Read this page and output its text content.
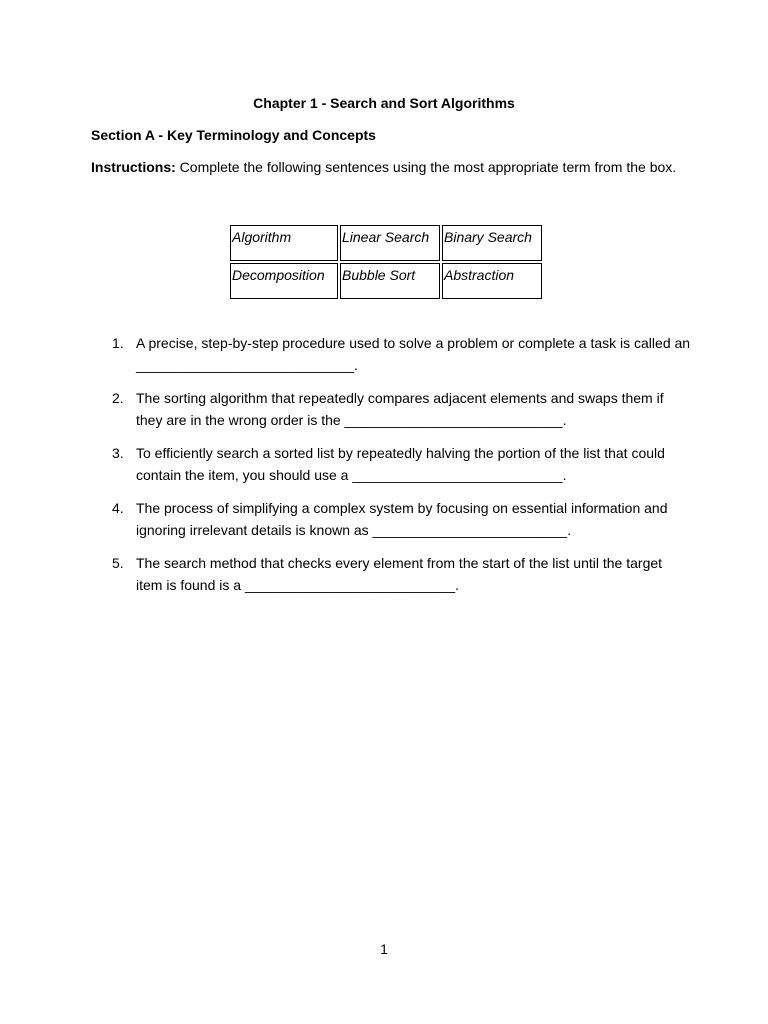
Chapter 1 - Search and Sort Algorithms
Section A - Key Terminology and Concepts
Instructions: Complete the following sentences using the most appropriate term from the box.
Algorithm	Linear Search	Binary Search
Decomposition	Bubble Sort	Abstraction
1. A precise, step-by-step procedure used to solve a problem or complete a task is called an
____________________________.
2. The sorting algorithm that repeatedly compares adjacent elements and swaps them if
they are in the wrong order is the ____________________________.
3. To efficiently search a sorted list by repeatedly halving the portion of the list that could
contain the item, you should use a ___________________________.
4. The process of simplifying a complex system by focusing on essential information and
ignoring irrelevant details is known as _________________________.
5. The search method that checks every element from the start of the list until the target
item is found is a ___________________________.
1
